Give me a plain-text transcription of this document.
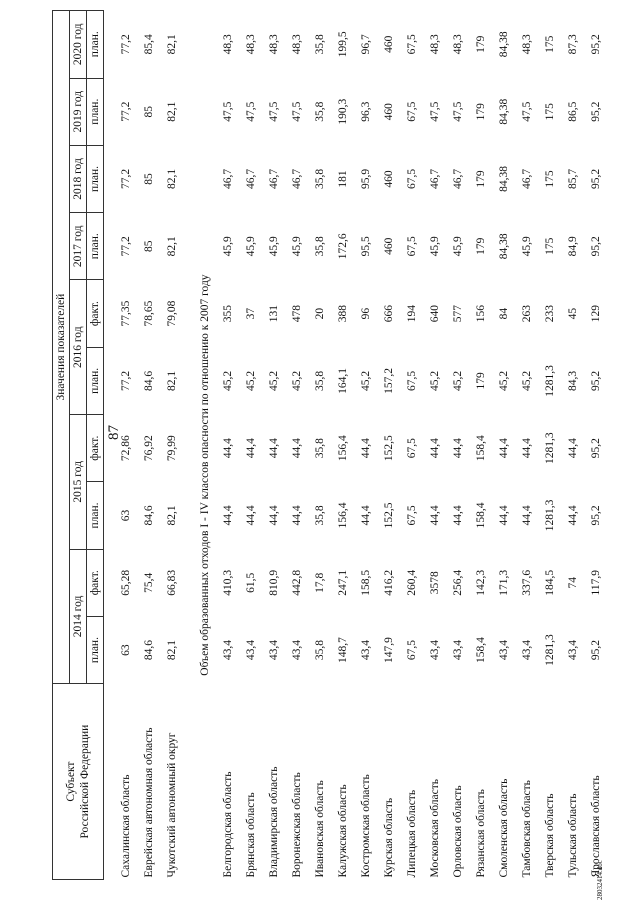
87
Субъект Российской Федерации	Значения показателей									
	2014 год		2015 год		2016 год		2017 год	2018 год	2019 год	2020 год
	план.	факт.	план.	факт.	план.	факт.	план.	план.	план.	план.

Сахалинская область	63	65,28	63	72,86	77,2	77,35	77,2	77,2	77,2	77,2
Еврейская автономная область	84,6	75,4	84,6	76,92	84,6	78,65	85	85	85	85,4
Чукотский автономный округ	82,1	66,83	82,1	79,99	82,1	79,08	82,1	82,1	82,1	82,1

	Объем образованных отходов I - IV классов опасности по отношению к 2007 году									
Белгородская область	43,4	410,3	44,4	44,4	45,2	355	45,9	46,7	47,5	48,3
Брянская область	43,4	61,5	44,4	44,4	45,2	37	45,9	46,7	47,5	48,3
Владимирская область	43,4	810,9	44,4	44,4	45,2	131	45,9	46,7	47,5	48,3
Воронежская область	43,4	442,8	44,4	44,4	45,2	478	45,9	46,7	47,5	48,3
Ивановская область	35,8	17,8	35,8	35,8	35,8	20	35,8	35,8	35,8	35,8
Калужская область	148,7	247,1	156,4	156,4	164,1	388	172,6	181	190,3	199,5
Костромская область	43,4	158,5	44,4	44,4	45,2	96	95,5	95,9	96,3	96,7
Курская область	147,9	416,2	152,5	152,5	157,2	666	460	460	460	460
Липецкая область	67,5	260,4	67,5	67,5	67,5	194	67,5	67,5	67,5	67,5
Московская область	43,4	3578	44,4	44,4	45,2	640	45,9	46,7	47,5	48,3
Орловская область	43,4	256,4	44,4	44,4	45,2	577	45,9	46,7	47,5	48,3
Рязанская область	158,4	142,3	158,4	158,4	179	156	179	179	179	179
Смоленская область	43,4	171,3	44,4	44,4	45,2	84	84,38	84,38	84,38	84,38
Тамбовская область	43,4	337,6	44,4	44,4	45,2	263	45,9	46,7	47,5	48,3
Тверская область	1281,3	184,5	1281,3	1281,3	1281,3	233	175	175	175	175
Тульская область	43,4	74	44,4	44,4	84,3	45	84,9	85,7	86,5	87,3
Ярославская область	95,2	117,9	95,2	95,2	95,2	129	95,2	95,2	95,2	95,2
28032414.doc
